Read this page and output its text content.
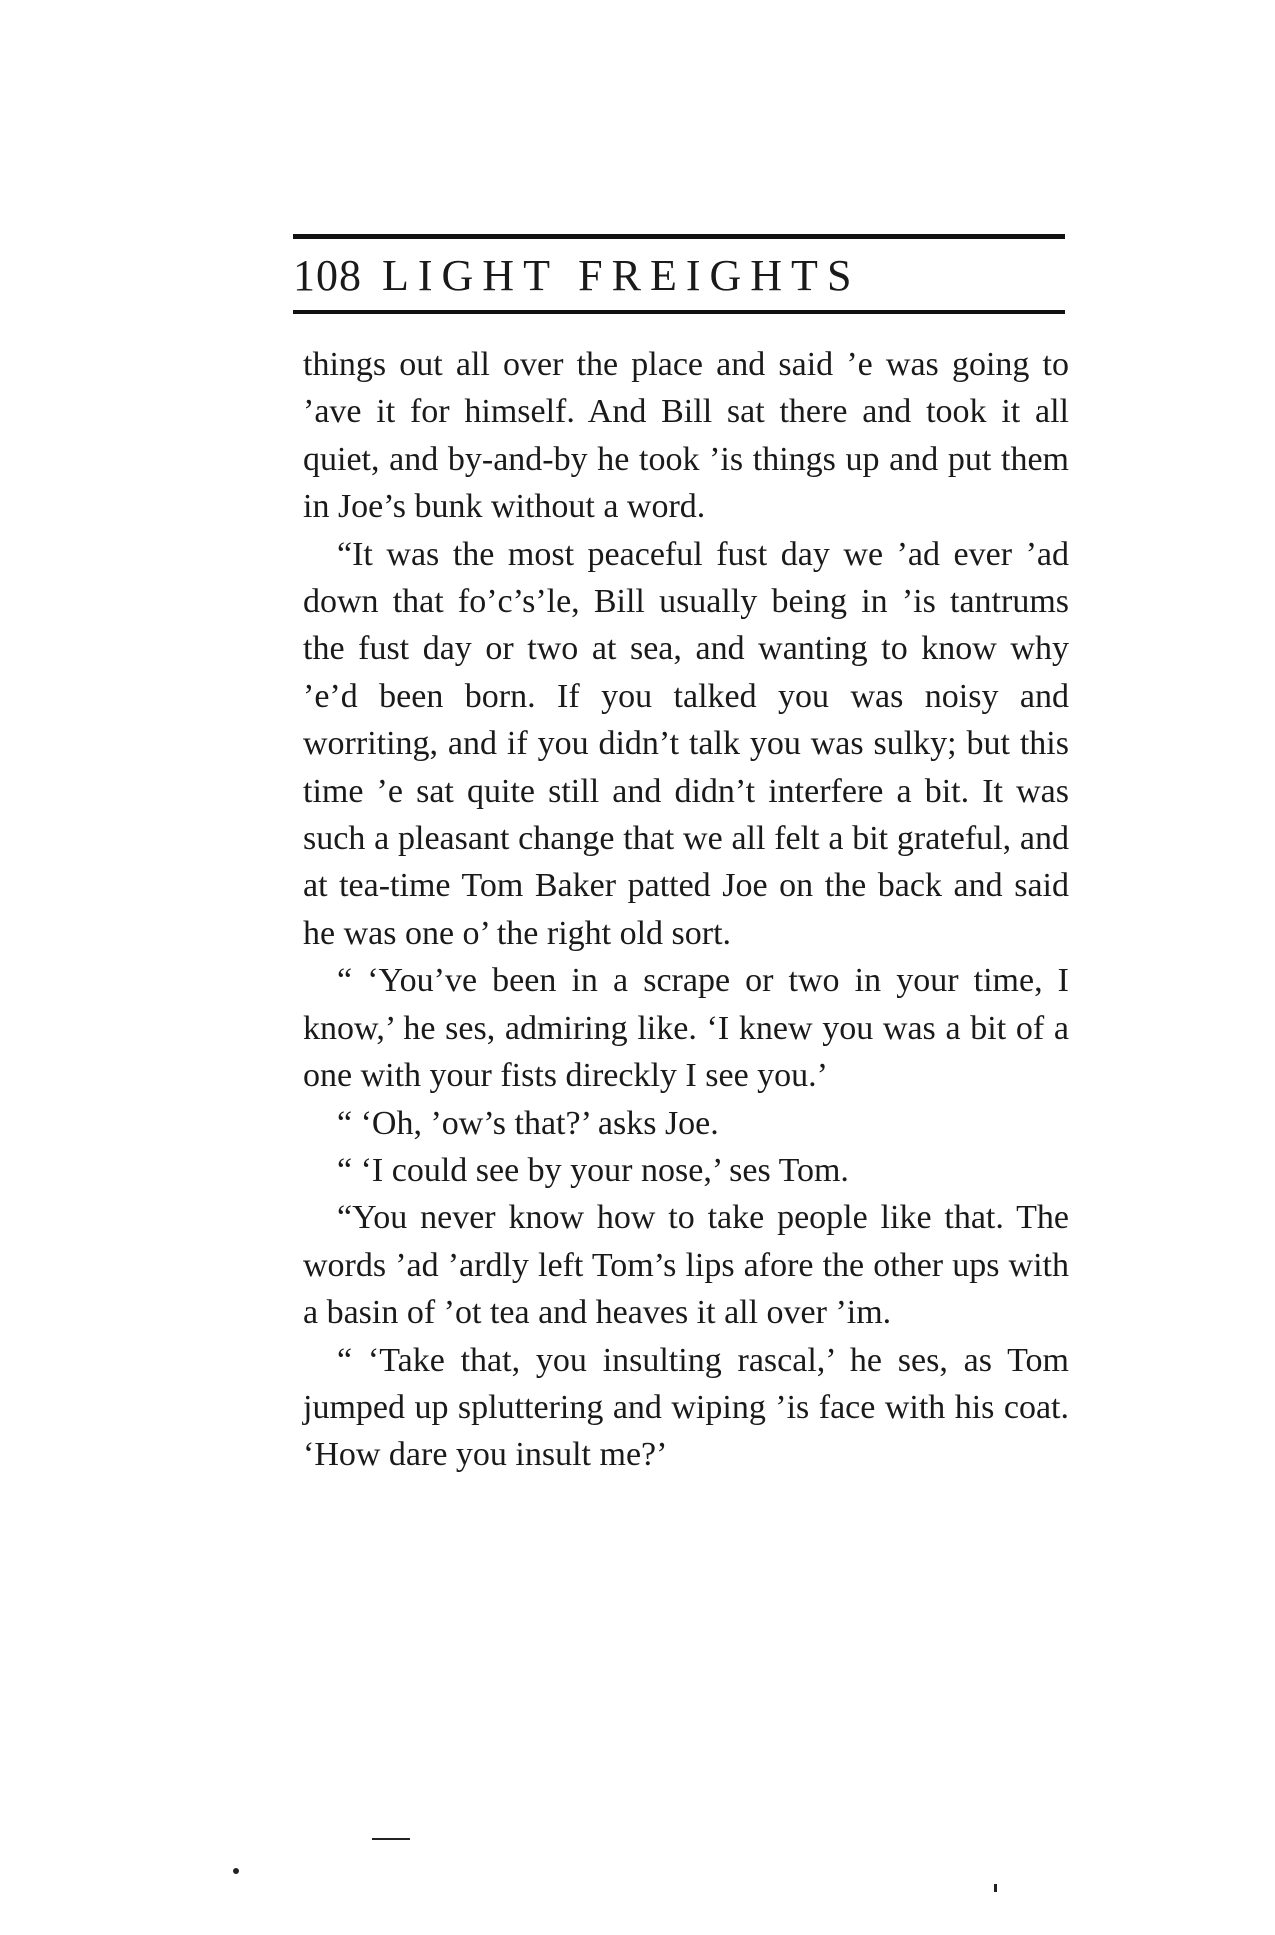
108 LIGHT FREIGHTS

things out all over the place and said ’e was going to ’ave it for himself. And Bill sat there and took it all quiet, and by-and-by he took ’is things up and put them in Joe’s bunk without a word.

“It was the most peaceful fust day we ’ad ever ’ad down that fo’c’s’le, Bill usually being in ’is tantrums the fust day or two at sea, and wanting to know why ’e’d been born. If you talked you was noisy and worriting, and if you didn’t talk you was sulky; but this time ’e sat quite still and didn’t interfere a bit. It was such a pleasant change that we all felt a bit grateful, and at tea-time Tom Baker patted Joe on the back and said he was one o’ the right old sort.

“ ‘You’ve been in a scrape or two in your time, I know,’ he ses, admiring like. ‘I knew you was a bit of a one with your fists direckly I see you.’

“ ‘Oh, ’ow’s that?’ asks Joe.

“ ‘I could see by your nose,’ ses Tom.

“You never know how to take people like that. The words ’ad ’ardly left Tom’s lips afore the other ups with a basin of ’ot tea and heaves it all over ’im.

“ ‘Take that, you insulting rascal,’ he ses, as Tom jumped up spluttering and wiping ’is face with his coat. ‘How dare you insult me?’
